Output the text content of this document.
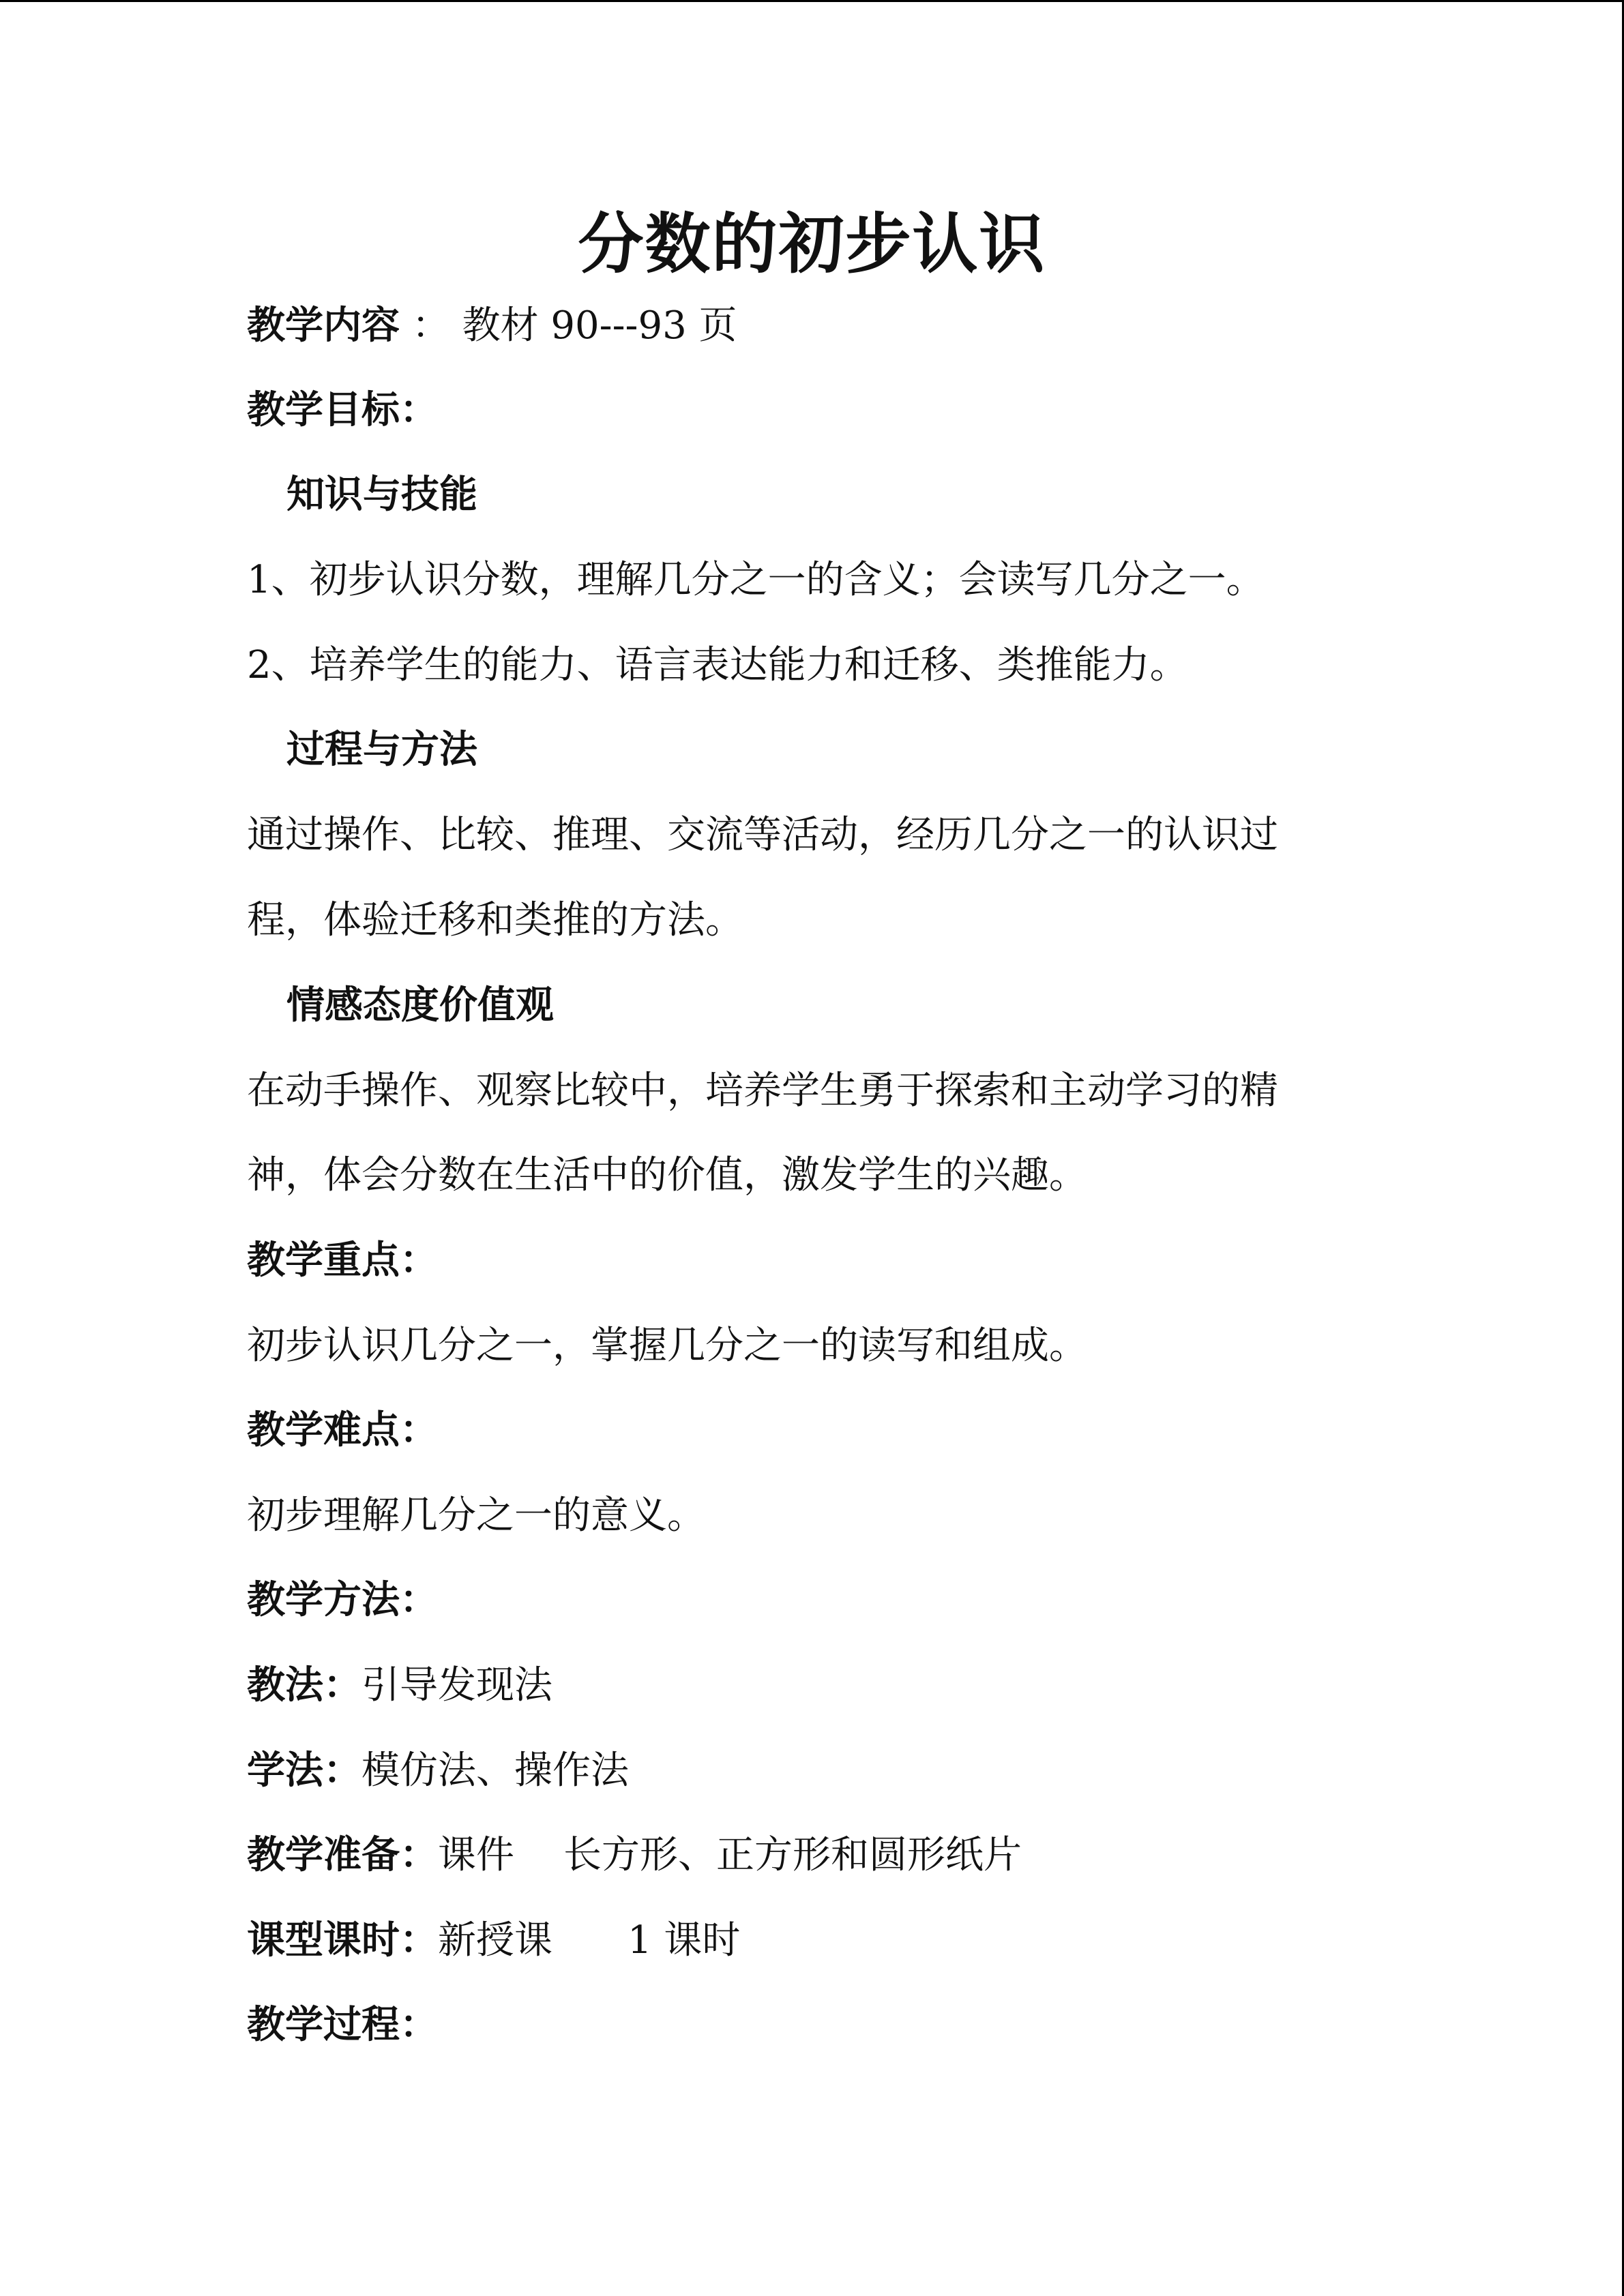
分数的初步认识
教学内容 ： 教材 90---93 页
教学目标：
知识与技能
1、初步认识分数，理解几分之一的含义；会读写几分之一。
2、培养学生的能力、语言表达能力和迁移、类推能力。
过程与方法
通过操作、比较、推理、交流等活动，经历几分之一的认识过
程，体验迁移和类推的方法。
情感态度价值观
在动手操作、观察比较中，培养学生勇于探索和主动学习的精
神，体会分数在生活中的价值，激发学生的兴趣。
教学重点：
初步认识几分之一，掌握几分之一的读写和组成。
教学难点：
初步理解几分之一的意义。
教学方法：
教法：引导发现法
学法：模仿法、操作法
教学准备：课件 长方形、正方形和圆形纸片
课型课时：新授课 1 课时
教学过程：
